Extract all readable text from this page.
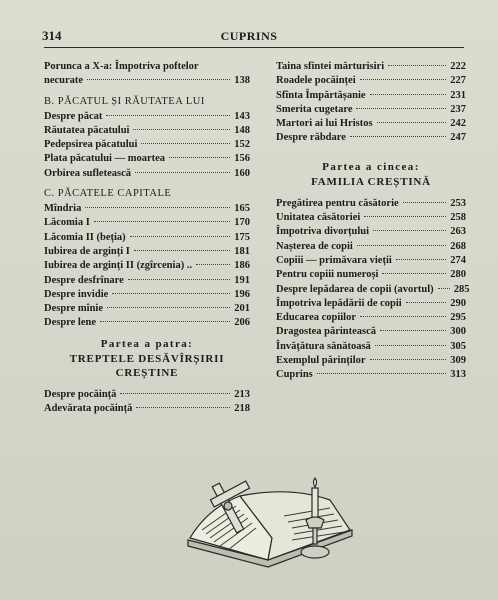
314	CUPRINS
Porunca a X-a: Împotriva poftelor
necurate	138
B. PĂCATUL ȘI RĂUTATEA LUI
Despre păcat	143
Răutatea păcatului	148
Pedepsirea păcatului	152
Plata păcatului — moartea	156
Orbirea sufletească	160
C. PĂCATELE CAPITALE
Mîndria	165
Lăcomia I	170
Lăcomia II (beția)	175
Iubirea de arginți I	181
Iubirea de arginți II (zgîrcenia) ..	186
Despre desfrînare	191
Despre invidie	196
Despre mînie	201
Despre lene	206
Partea a patra:
TREPTELE DESĂVÎRȘIRII
CREȘTINE
Despre pocăință	213
Adevărata pocăință	218
Taina sfintei mărturisiri	222
Roadele pocăinței	227
Sfînta Împărtășanie	231
Smerita cugetare	237
Martori ai lui Hristos	242
Despre răbdare	247
Partea a cincea:
FAMILIA CREȘTINĂ
Pregătirea pentru căsătorie	253
Unitatea căsătoriei	258
Împotriva divorțului	263
Nașterea de copii	268
Copiii — primăvara vieții	274
Pentru copiii numeroși	280
Despre lepădarea de copii (avortul) 285
Împotriva lepădării de copii	290
Educarea copiilor	295
Dragostea părintească	300
Învățătura sănătoasă	305
Exemplul părinților	309
Cuprins	313
